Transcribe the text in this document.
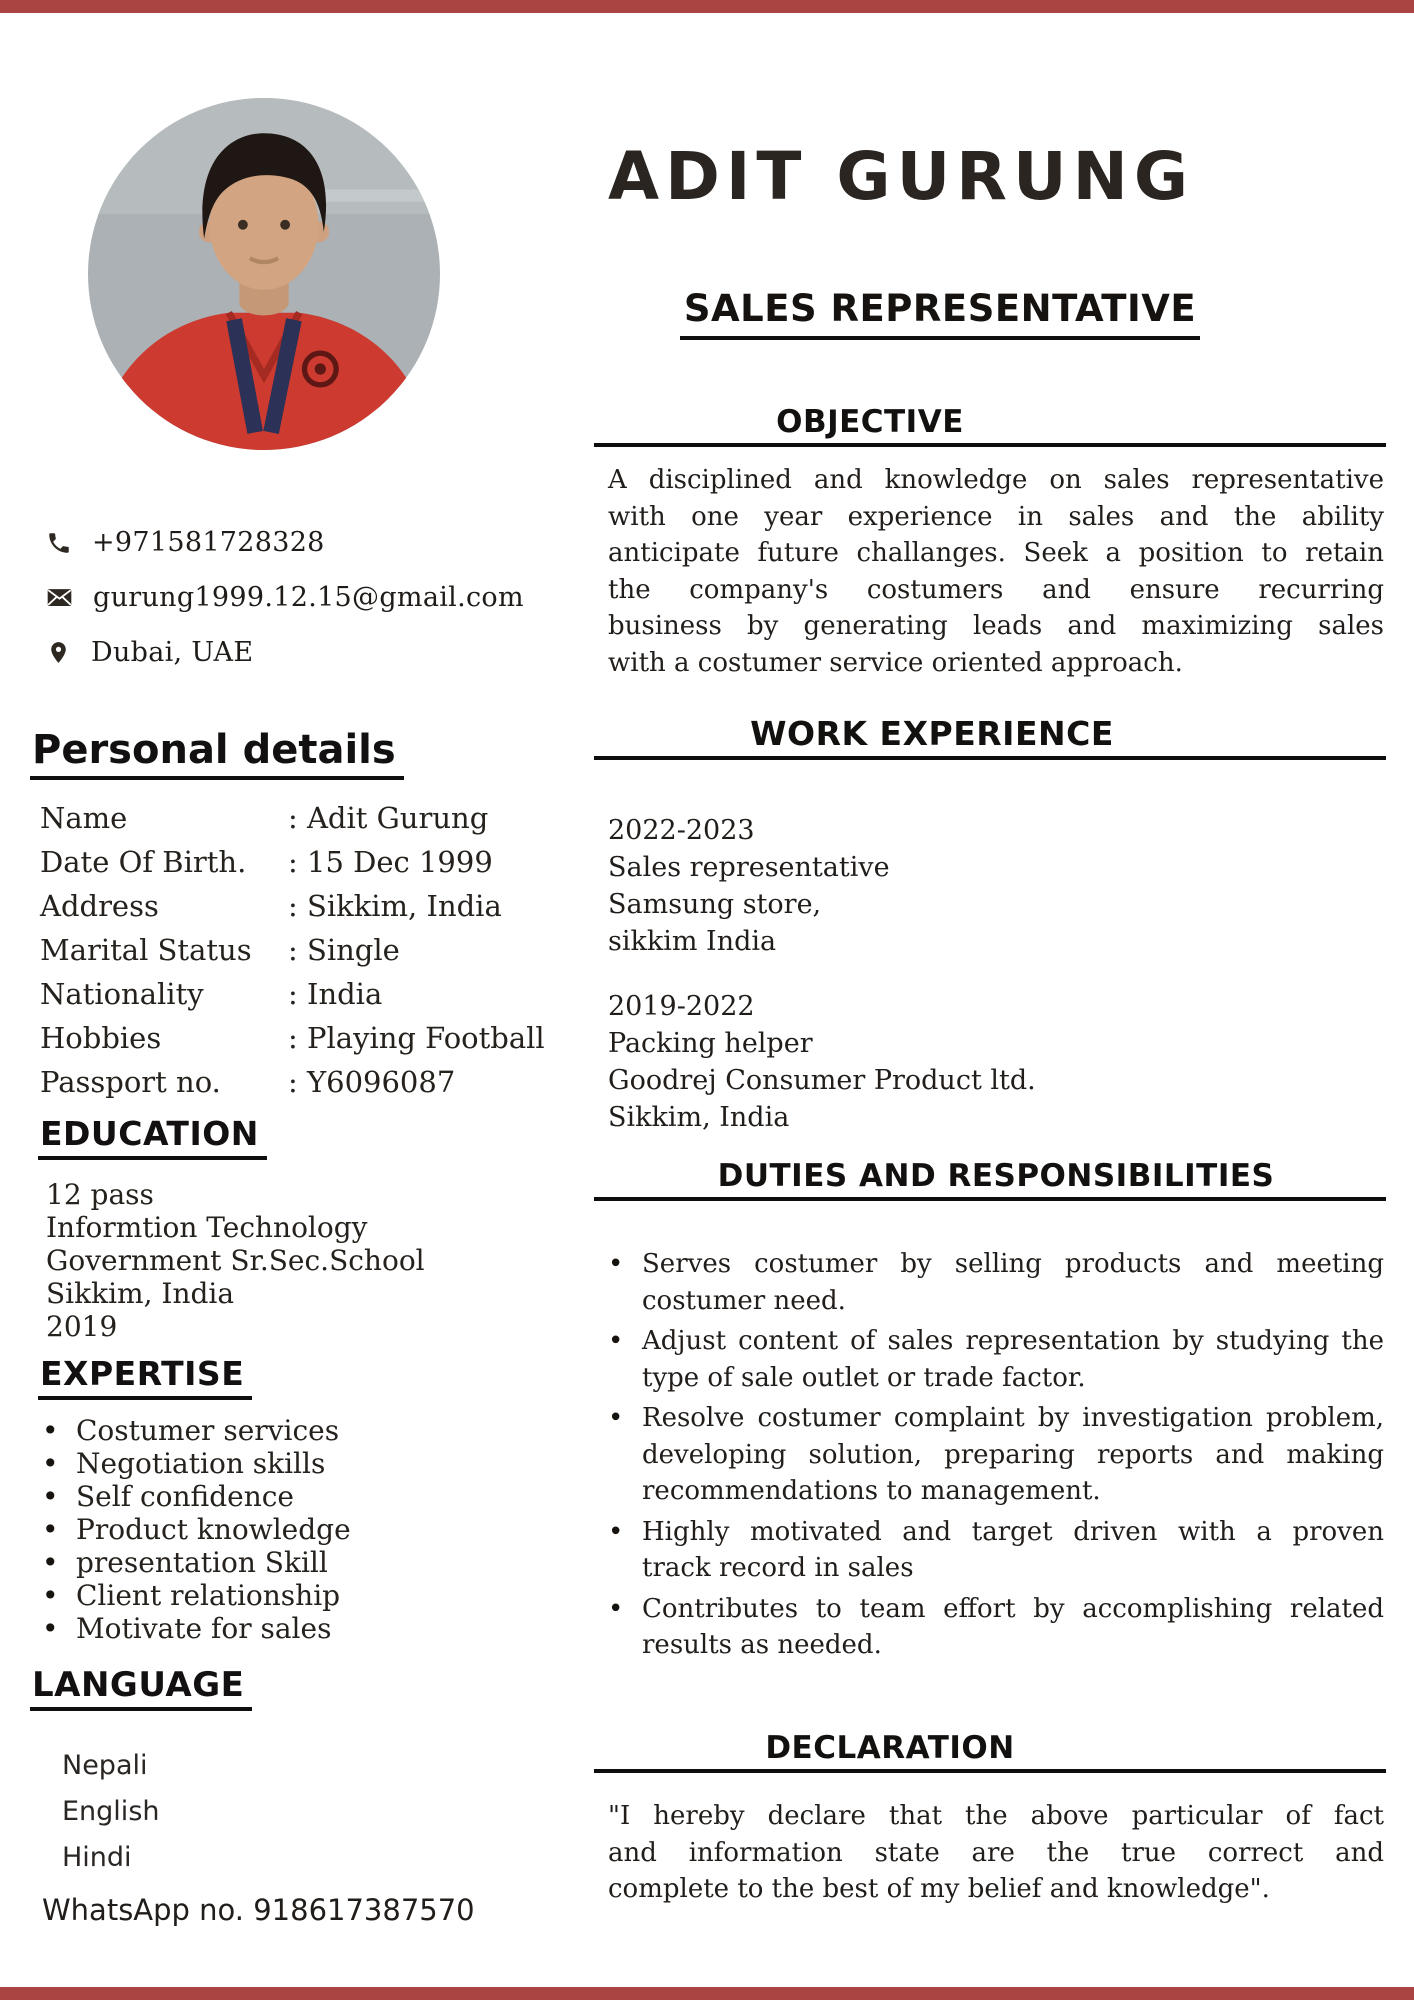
+971581728328
gurung1999.12.15@gmail.com
Dubai, UAE
Personal details
Name	: Adit Gurung
Date Of Birth.	: 15 Dec 1999
Address	: Sikkim, India
Marital Status	: Single
Nationality	: India
Hobbies	: Playing Football
Passport no.	: Y6096087
EDUCATION
12 pass
Informtion Technology
Government Sr.Sec.School
Sikkim, India
2019
EXPERTISE
• Costumer services
• Negotiation skills
• Self confidence
• Product knowledge
• presentation Skill
• Client relationship
• Motivate for sales
LANGUAGE
Nepali
English
Hindi
WhatsApp no. 918617387570
ADIT GURUNG
SALES REPRESENTATIVE
OBJECTIVE
A disciplined and knowledge on sales representative
with one year experience in sales and the ability
anticipate future challanges. Seek a position to retain
the company's costumers and ensure recurring
business by generating leads and maximizing sales
with a costumer service oriented approach.
WORK EXPERIENCE
2022-2023
Sales representative
Samsung store,
sikkim India
2019-2022
Packing helper
Goodrej Consumer Product ltd.
Sikkim, India
DUTIES AND RESPONSIBILITIES
• Serves costumer by selling products and meeting
costumer need.
• Adjust content of sales representation by studying the
type of sale outlet or trade factor.
• Resolve costumer complaint by investigation problem,
developing solution, preparing reports and making
recommendations to management.
• Highly motivated and target driven with a proven
track record in sales
• Contributes to team effort by accomplishing related
results as needed.
DECLARATION
"I hereby declare that the above particular of fact
and information state are the true correct and
complete to the best of my belief and knowledge".
